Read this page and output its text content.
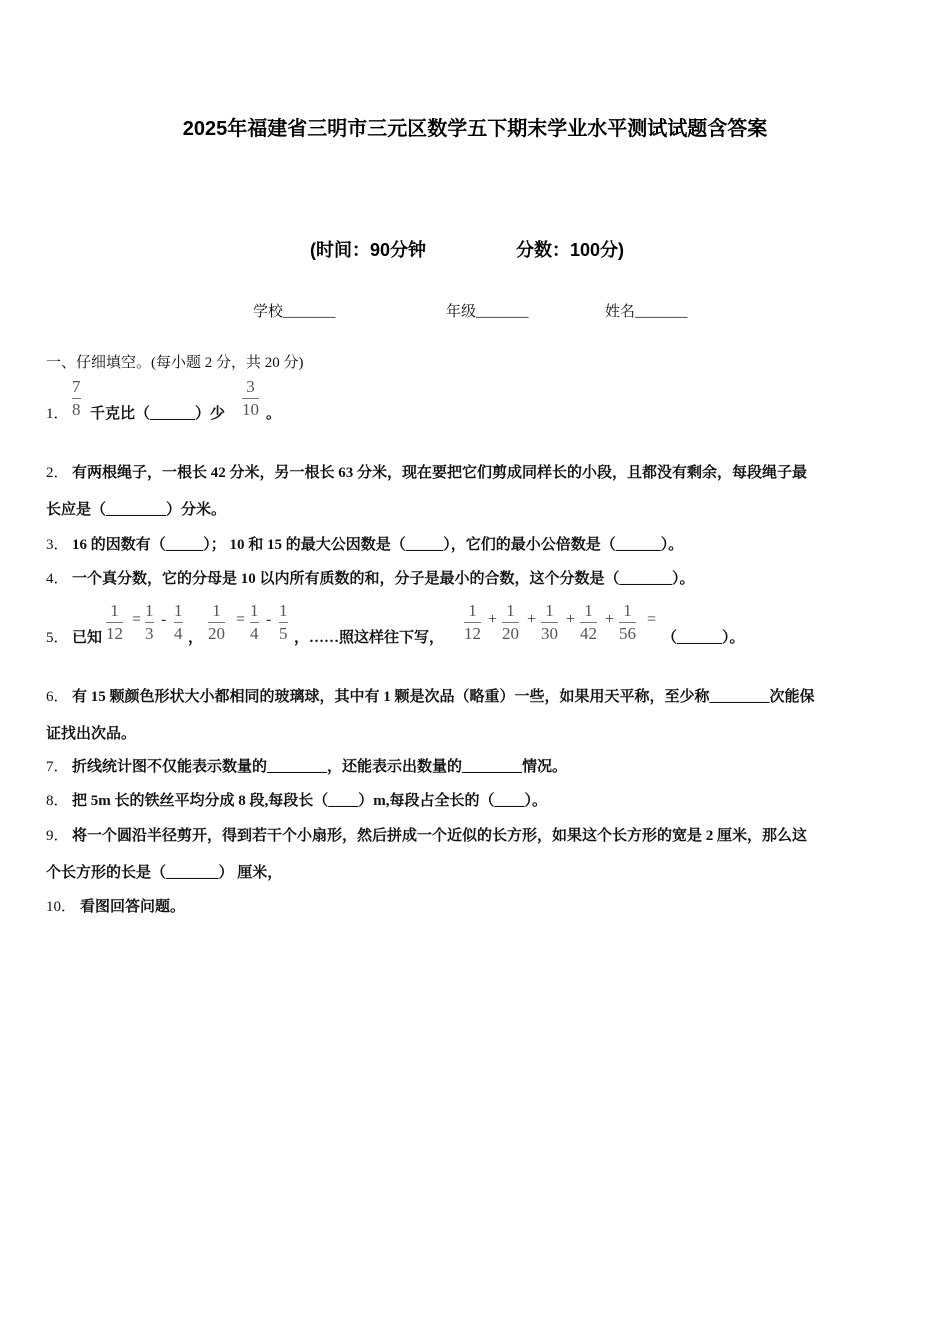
2025年福建省三明市三元区数学五下期末学业水平测试试题含答案
(时间：90分钟	分数：100分)
学校_______	年级_______	姓名_______
一、仔细填空。(每小题 2 分，共 20 分)
1．
7
8 千克比（______）少
3
10 。
2． 有两根绳子，一根长 42 分米，另一根长 63 分米，现在要把它们剪成同样长的小段，且都没有剩余，每段绳子最
长应是（________）分米。
3． 16 的因数有（_____）； 10 和 15 的最大公因数是（_____），它们的最小公倍数是（______）。
4． 一个真分数，它的分母是 10 以内所有质数的和，分子是最小的合数，这个分数是（_______）。
5． 已知
1
12
= 1
3
- 1
4 ，
1
20
= 1
4
- 1
5 ，……照这样往下写，
1
12
+ 1
20
+ 1
30
+ 1
42
+ 1
56
=
（______）。
6． 有 15 颗颜色形状大小都相同的玻璃球，其中有 1 颗是次品（略重）一些，如果用天平称，至少称________次能保
证找出次品。
7． 折线统计图不仅能表示数量的________，还能表示出数量的________情况。
8． 把 5m 长的铁丝平均分成 8 段,每段长（____）m,每段占全长的（____）。
9． 将一个圆沿半径剪开，得到若干个小扇形，然后拼成一个近似的长方形，如果这个长方形的宽是 2 厘米，那么这
个长方形的长是（_______） 厘米，
10． 看图回答问题。
